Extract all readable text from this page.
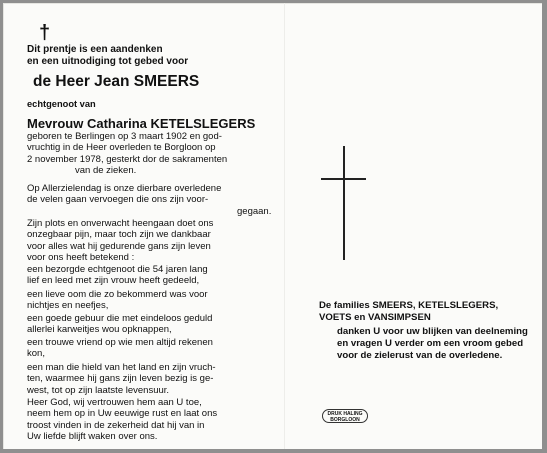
†
Dit prentje is een aandenken
en een uitnodiging tot gebed voor
de Heer Jean SMEERS
echtgenoot van
Mevrouw Catharina KETELSLEGERS
geboren te Berlingen op 3 maart 1902 en god-
vruchtig in de Heer overleden te Borgloon op
2 november 1978, gesterkt dor de sakramenten
van de zieken.
Op Allerzielendag is onze dierbare overledene
de velen gaan vervoegen die ons zijn voor-
gegaan.
Zijn plots en onverwacht heengaan doet ons
onzegbaar pijn, maar toch zijn we dankbaar
voor alles wat hij gedurende gans zijn leven
voor ons heeft betekend :
een bezorgde echtgenoot die 54 jaren lang
lief en leed met zijn vrouw heeft gedeeld,
een lieve oom die zo bekommerd was voor
nichtjes en neefjes,
een goede gebuur die met eindeloos geduld
allerlei karweitjes wou opknappen,
een trouwe vriend op wie men altijd rekenen
kon,
een man die hield van het land en zijn vruch-
ten, waarmee hij gans zijn leven bezig is ge-
west, tot op zijn laatste levensuur.
Heer God, wij vertrouwen hem aan U toe,
neem hem op in Uw eeuwige rust en laat ons
troost vinden in de zekerheid dat hij van in
Uw liefde blijft waken over ons.
De families SMEERS, KETELSLEGERS,
VOETS en VANSIMPSEN
danken U voor uw blijken van deelneming
en vragen U verder om een vroom gebed
voor de zielerust van de overledene.
DRUK HALING
BORGLOON
